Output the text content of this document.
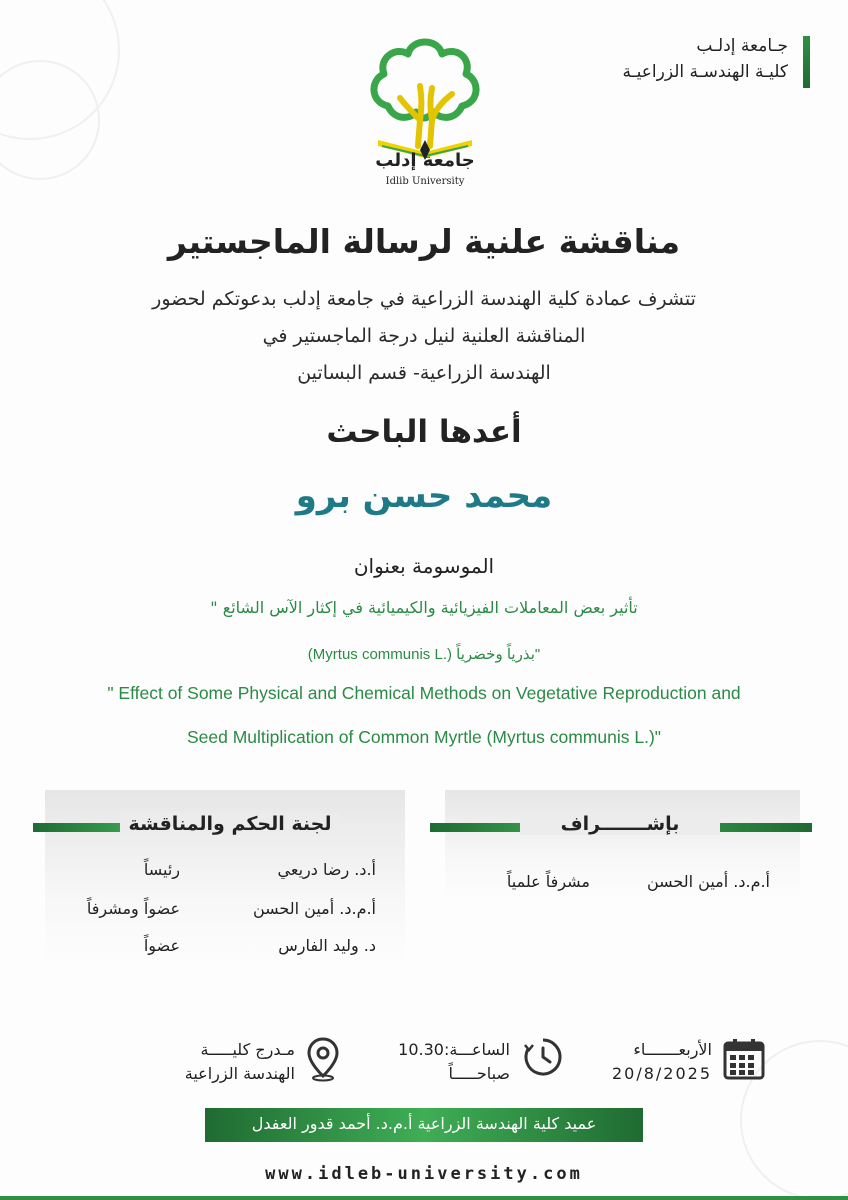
جـامعة إدلـب
كليـة الهندسـة الزراعيـة
جامعة إدلب
Idlib University
مناقشة علنية لرسالة الماجستير
تتشرف عمادة كلية الهندسة الزراعية في جامعة إدلب بدعوتكم لحضور
المناقشة العلنية لنيل درجة الماجستير في
الهندسة الزراعية- قسم البساتين
أعدها الباحث
محمد حسن برو
الموسومة بعنوان
تأثير بعض المعاملات الفيزيائية والكيميائية في إكثار الآس الشائع "
"بذرياً وخضرياً (.Myrtus communis L)
" Effect of Some Physical and Chemical Methods on Vegetative Reproduction and
Seed Multiplication of Common Myrtle (Myrtus communis L.)"
لجنة الحكم والمناقشة
أ.د. رضا دريعي
رئيساً
أ.م.د. أمين الحسن
عضواً ومشرفاً
د. وليد الفارس
عضواً
بإشـــــــراف
أ.م.د. أمين الحسن
مشرفاً علمياً
الأربعـــــــاء
20/8/2025
الساعـــة:10.30
صباحـــــاً
مـدرج كليـــــة
الهندسة الزراعية
عميد كلية الهندسة الزراعية أ.م.د. أحمد قدور العفدل
www.idleb-university.com
